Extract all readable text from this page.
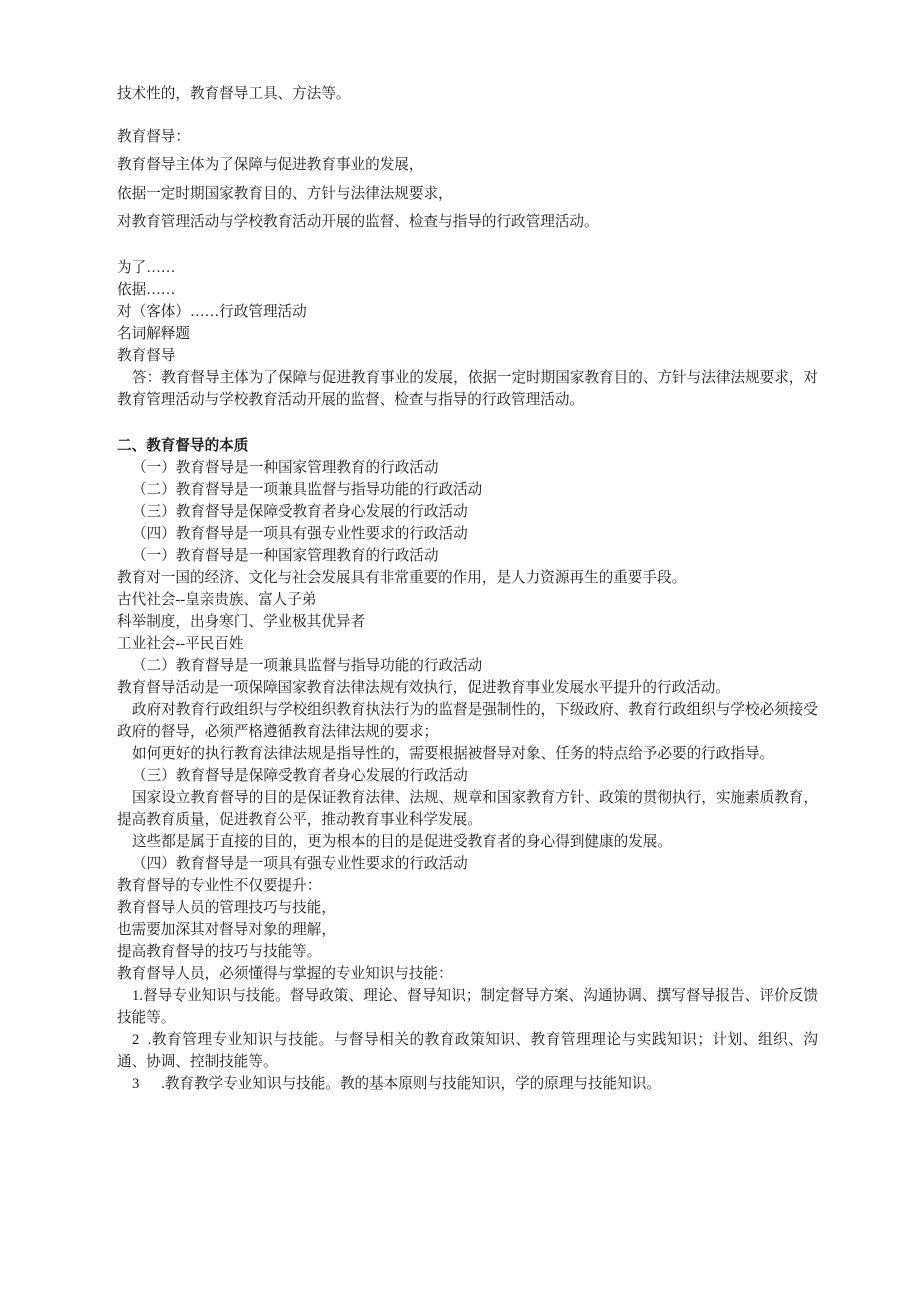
技术性的，教育督导工具、方法等。

教育督导：

教育督导主体为了保障与促进教育事业的发展，

依据一定时期国家教育目的、方针与法律法规要求，

对教育管理活动与学校教育活动开展的监督、检查与指导的行政管理活动。

为了……

依据……

对（客体）……行政管理活动

名词解释题

教育督导

答：教育督导主体为了保障与促进教育事业的发展，依据一定时期国家教育目的、方针与法律法规要求，对教育管理活动与学校教育活动开展的监督、检查与指导的行政管理活动。

二、教育督导的本质

（一）教育督导是一种国家管理教育的行政活动

（二）教育督导是一项兼具监督与指导功能的行政活动

（三）教育督导是保障受教育者身心发展的行政活动

（四）教育督导是一项具有强专业性要求的行政活动

（一）教育督导是一种国家管理教育的行政活动

教育对一国的经济、文化与社会发展具有非常重要的作用，是人力资源再生的重要手段。

古代社会--皇亲贵族、富人子弟

科举制度，出身寒门、学业极其优异者

工业社会--平民百姓

（二）教育督导是一项兼具监督与指导功能的行政活动

教育督导活动是一项保障国家教育法律法规有效执行，促进教育事业发展水平提升的行政活动。

政府对教育行政组织与学校组织教育执法行为的监督是强制性的，下级政府、教育行政组织与学校必须接受政府的督导，必须严格遵循教育法律法规的要求；

如何更好的执行教育法律法规是指导性的，需要根据被督导对象、任务的特点给予必要的行政指导。

（三）教育督导是保障受教育者身心发展的行政活动

国家设立教育督导的目的是保证教育法律、法规、规章和国家教育方针、政策的贯彻执行，实施素质教育，提高教育质量，促进教育公平，推动教育事业科学发展。

这些都是属于直接的目的，更为根本的目的是促进受教育者的身心得到健康的发展。

（四）教育督导是一项具有强专业性要求的行政活动

教育督导的专业性不仅要提升：

教育督导人员的管理技巧与技能，

也需要加深其对督导对象的理解，

提高教育督导的技巧与技能等。

教育督导人员，必须懂得与掌握的专业知识与技能：

1.督导专业知识与技能。督导政策、理论、督导知识；制定督导方案、沟通协调、撰写督导报告、评价反馈技能等。

2  .教育管理专业知识与技能。与督导相关的教育政策知识、教育管理理论与实践知识；计划、组织、沟通、协调、控制技能等。

3      .教育教学专业知识与技能。教的基本原则与技能知识，学的原理与技能知识。
